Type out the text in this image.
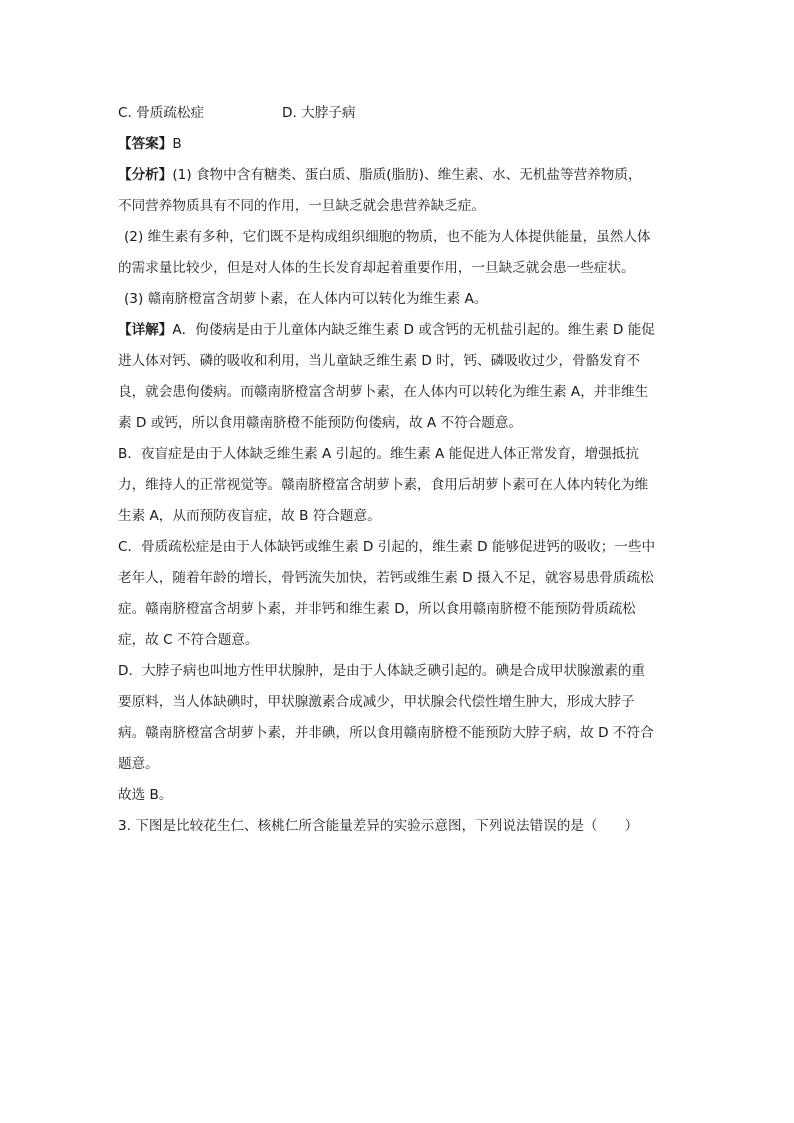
C. 骨质疏松症	D. 大脖子病
【答案】B
【分析】(1) 食物中含有糖类、蛋白质、脂质(脂肪)、维生素、水、无机盐等营养物质，
不同营养物质具有不同的作用，一旦缺乏就会患营养缺乏症。
(2) 维生素有多种，它们既不是构成组织细胞的物质，也不能为人体提供能量，虽然人体
的需求量比较少，但是对人体的生长发育却起着重要作用，一旦缺乏就会患一些症状。
(3) 赣南脐橙富含胡萝卜素，在人体内可以转化为维生素 A。
【详解】A．佝偻病是由于儿童体内缺乏维生素 D 或含钙的无机盐引起的。维生素 D 能促
进人体对钙、磷的吸收和利用，当儿童缺乏维生素 D 时，钙、磷吸收过少，骨骼发育不
良，就会患佝偻病。而赣南脐橙富含胡萝卜素，在人体内可以转化为维生素 A，并非维生
素 D 或钙，所以食用赣南脐橙不能预防佝偻病，故 A 不符合题意。
B．夜盲症是由于人体缺乏维生素 A 引起的。维生素 A 能促进人体正常发育，增强抵抗
力，维持人的正常视觉等。赣南脐橙富含胡萝卜素，食用后胡萝卜素可在人体内转化为维
生素 A，从而预防夜盲症，故 B 符合题意。
C．骨质疏松症是由于人体缺钙或维生素 D 引起的，维生素 D 能够促进钙的吸收；一些中
老年人，随着年龄的增长，骨钙流失加快，若钙或维生素 D 摄入不足，就容易患骨质疏松
症。赣南脐橙富含胡萝卜素，并非钙和维生素 D，所以食用赣南脐橙不能预防骨质疏松
症，故 C 不符合题意。
D．大脖子病也叫地方性甲状腺肿，是由于人体缺乏碘引起的。碘是合成甲状腺激素的重
要原料，当人体缺碘时，甲状腺激素合成减少，甲状腺会代偿性增生肿大，形成大脖子
病。赣南脐橙富含胡萝卜素，并非碘，所以食用赣南脐橙不能预防大脖子病，故 D 不符合
题意。
故选 B。
3. 下图是比较花生仁、核桃仁所含能量差异的实验示意图，下列说法错误的是（　　）
